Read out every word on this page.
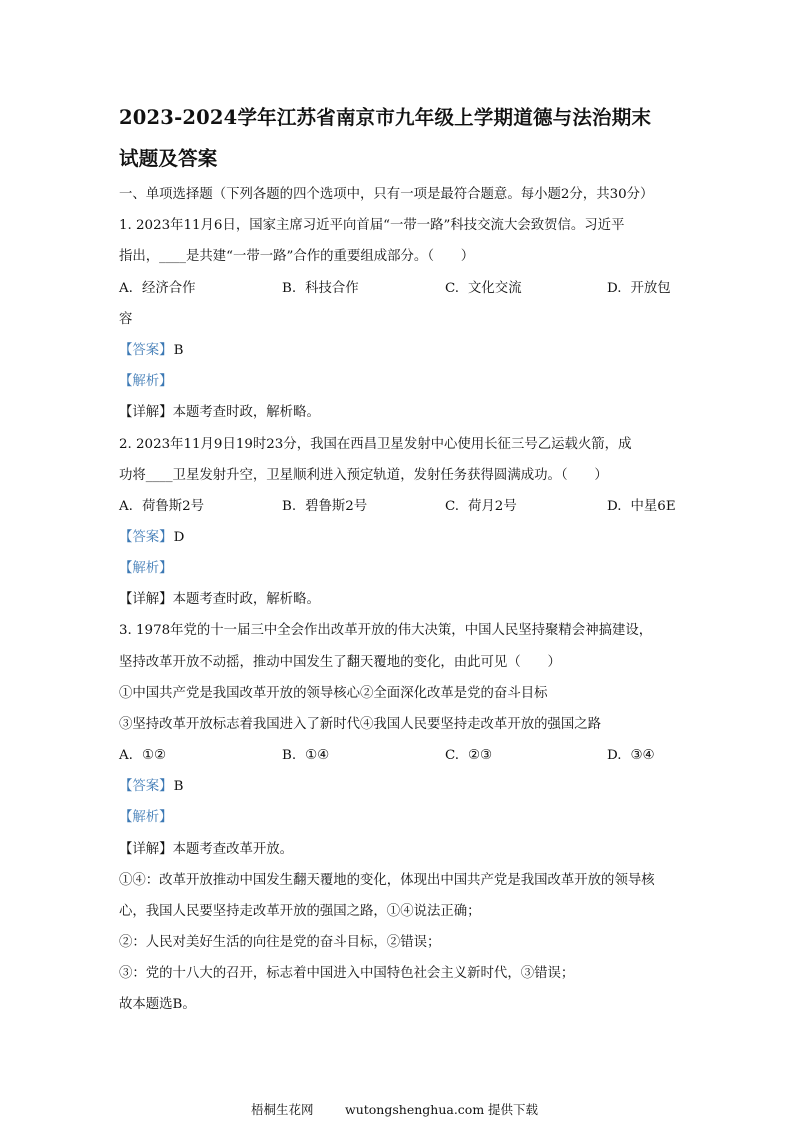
2023-2024学年江苏省南京市九年级上学期道德与法治期末
试题及答案
一、单项选择题（下列各题的四个选项中，只有一项是最符合题意。每小题2分，共30分）
1. 2023年11月6日，国家主席习近平向首届“一带一路”科技交流大会致贺信。习近平
指出，____是共建“一带一路”合作的重要组成部分。（　　）
A. 经济合作	B. 科技合作	C. 文化交流	D. 开放包
容
【答案】B
【解析】
【详解】本题考查时政，解析略。
2. 2023年11月9日19时23分，我国在西昌卫星发射中心使用长征三号乙运载火箭，成
功将____卫星发射升空，卫星顺利进入预定轨道，发射任务获得圆满成功。（　　）
A. 荷鲁斯2号	B. 碧鲁斯2号	C. 荷月2号	D. 中星6E
【答案】D
【解析】
【详解】本题考查时政，解析略。
3. 1978年党的十一届三中全会作出改革开放的伟大决策，中国人民坚持聚精会神搞建设，
坚持改革开放不动摇，推动中国发生了翻天覆地的变化，由此可见（　　）
①中国共产党是我国改革开放的领导核心②全面深化改革是党的奋斗目标
③坚持改革开放标志着我国进入了新时代④我国人民要坚持走改革开放的强国之路
A. ①②	B. ①④	C. ②③	D. ③④
【答案】B
【解析】
【详解】本题考查改革开放。
①④：改革开放推动中国发生翻天覆地的变化，体现出中国共产党是我国改革开放的领导核
心，我国人民要坚持走改革开放的强国之路，①④说法正确；
②：人民对美好生活的向往是党的奋斗目标，②错误；
③：党的十八大的召开，标志着中国进入中国特色社会主义新时代，③错误；
故本题选B。
梧桐生花网	wutongshenghua.com 提供下载
